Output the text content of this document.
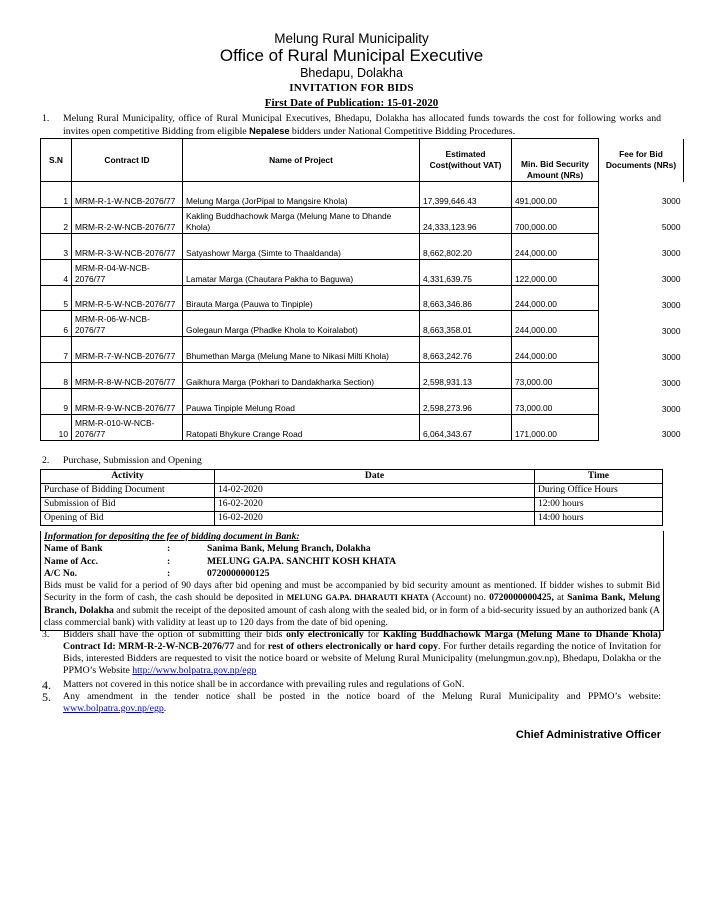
Melung Rural Municipality
Office of Rural Municipal Executive
Bhedapu, Dolakha
INVITATION FOR BIDS
First Date of Publication: 15-01-2020
1. Melung Rural Municipality, office of Rural Municipal Executives, Bhedapu, Dolakha has allocated funds towards the cost for following works and invites open competitive Bidding from eligible Nepalese bidders under National Competitive Bidding Procedures.
S.N	Contract ID	Name of Project	Estimated Cost(without VAT)	Min. Bid Security Amount (NRs)	Fee for Bid Documents (NRs)
1	MRM-R-1-W-NCB-2076/77	Melung Marga (JorPipal to Mangsire Khola)	17,399,646.43	491,000.00	3000
2	MRM-R-2-W-NCB-2076/77	Kakling Buddhachowk Marga (Melung Mane to Dhande Khola)	24,333,123.96	700,000.00	5000
3	MRM-R-3-W-NCB-2076/77	Satyashowr Marga (Simte to Thaaldanda)	8,662,802.20	244,000.00	3000
4	MRM-R-04-W-NCB-2076/77	Lamatar Marga (Chautara Pakha to Baguwa)	4,331,639.75	122,000.00	3000
5	MRM-R-5-W-NCB-2076/77	Birauta Marga (Pauwa to Tinpiple)	8,663,346.86	244,000.00	3000
6	MRM-R-06-W-NCB-2076/77	Golegaun Marga (Phadke Khola to Koiralabot)	8,663,358.01	244,000.00	3000
7	MRM-R-7-W-NCB-2076/77	Bhumethan Marga (Melung Mane to Nikasi Milti Khola)	8,663,242.76	244,000.00	3000
8	MRM-R-8-W-NCB-2076/77	Gaikhura Marga (Pokhari to Dandakharka Section)	2,598,931.13	73,000.00	3000
9	MRM-R-9-W-NCB-2076/77	Pauwa Tinpiple Melung Road	2,598,273.96	73,000.00	3000
10	MRM-R-010-W-NCB-2076/77	Ratopati Bhykure Crange Road	6,064,343.67	171,000.00	3000
2. Purchase, Submission and Opening
Activity	Date	Time
Purchase of Bidding Document	14-02-2020	During Office Hours
Submission of Bid	16-02-2020	12:00 hours
Opening of Bid	16-02-2020	14:00 hours
Information for depositing the fee of bidding document in Bank:
Name of Bank	:	Sanima Bank, Melung Branch, Dolakha
Name of Acc.	:	MELUNG GA.PA. SANCHIT KOSH KHATA
A/C No.	:	0720000000125
Bids must be valid for a period of 90 days after bid opening and must be accompanied by bid security amount as mentioned. If bidder wishes to submit Bid Security in the form of cash, the cash should be deposited in MELUNG GA.PA. DHARAUTI KHATA (Account) no. 0720000000425, at Sanima Bank, Melung Branch, Dolakha and submit the receipt of the deposited amount of cash along with the sealed bid, or in form of a bid-security issued by an authorized bank (A class commercial bank) with validity at least up to 120 days from the date of bid opening.
3. Bidders shall have the option of submitting their bids only electronically for Kakling Buddhachowk Marga (Melung Mane to Dhande Khola) Contract Id: MRM-R-2-W-NCB-2076/77 and for rest of others electronically or hard copy. For further details regarding the notice of Invitation for Bids, interested Bidders are requested to visit the notice board or website of Melung Rural Municipality (melungmun.gov.np), Bhedapu, Dolakha or the PPMO’s Website http://www.bolpatra.gov.np/egp
4. Matters not covered in this notice shall be in accordance with prevailing rules and regulations of GoN.
5. Any amendment in the tender notice shall be posted in the notice board of the Melung Rural Municipality and PPMO’s website: www.bolpatra.gov.np/egp.
Chief Administrative Officer
